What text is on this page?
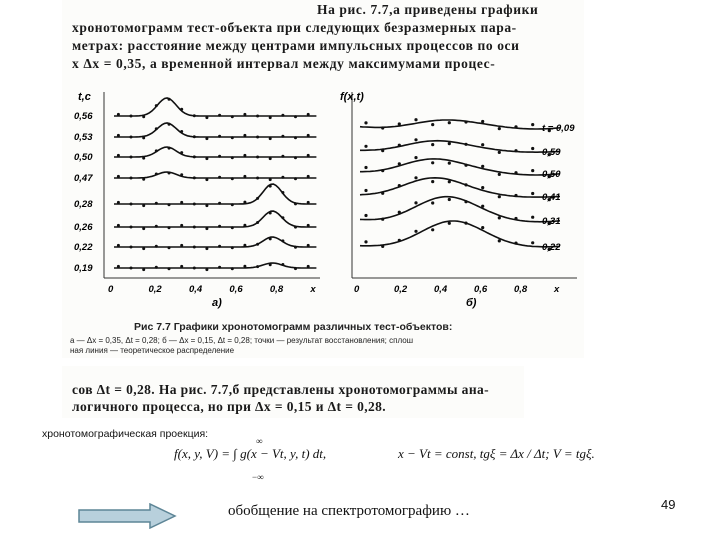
На рис. 7.7,а приведены графики
хронотомограмм тест-объекта при следующих безразмерных пара-
метрах: расстояние между центрами импульсных процессов по оси
x Δx = 0,35, а временной интервал между максимумами процес-
0,56
0,53
0,50
0,47
0,28
0,26
0,22
0,19
0	0,2	0,4	0,6	0,8	x
t = 0,09
0,59
0,50
0,41
0,31
0,22
0	0,2	0,4	0,6	0,8	x
t,c	f(x,t)
а)	б)
Рис 7.7 Графики хронотомограмм различных тест-объектов:
а — Δx = 0,35, Δt = 0,28; б — Δx = 0,15, Δt = 0,28; точки — результат восстановления; сплош
ная линия — теоретическое распределение
сов Δt = 0,28. На рис. 7.7,б представлены хронотомограммы ана-
логичного процесса, но при Δx = 0,15 и Δt = 0,28.
хронотомографическая проекция:
f(x, y, V) = ∫ g(x − Vt, y, t) dt,
∞
−∞
x − Vt = const, tgξ = Δx / Δt; V = tgξ.
обобщение на спектротомографию …	49
